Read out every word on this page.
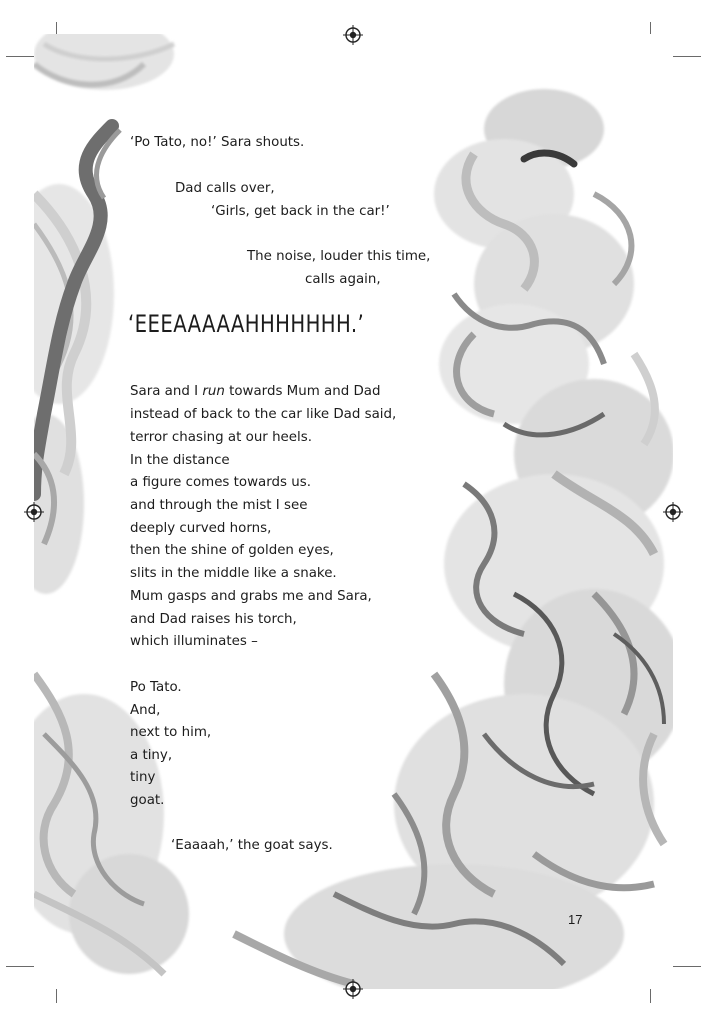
‘Po Tato, no!’ Sara shouts.

Dad calls over,

‘Girls, get back in the car!’

The noise, louder this time,

calls again,

‘EEEAAAAAHHHHHHH.’

Sara and I run towards Mum and Dad

instead of back to the car like Dad said,

terror chasing at our heels.

In the distance

a figure comes towards us.

and through the mist I see

deeply curved horns,

then the shine of golden eyes,

slits in the middle like a snake.

Mum gasps and grabs me and Sara,

and Dad raises his torch,

which illuminates –

Po Tato.

And,

next to him,

a tiny,

tiny

goat.

‘Eaaaah,’ the goat says.

17
